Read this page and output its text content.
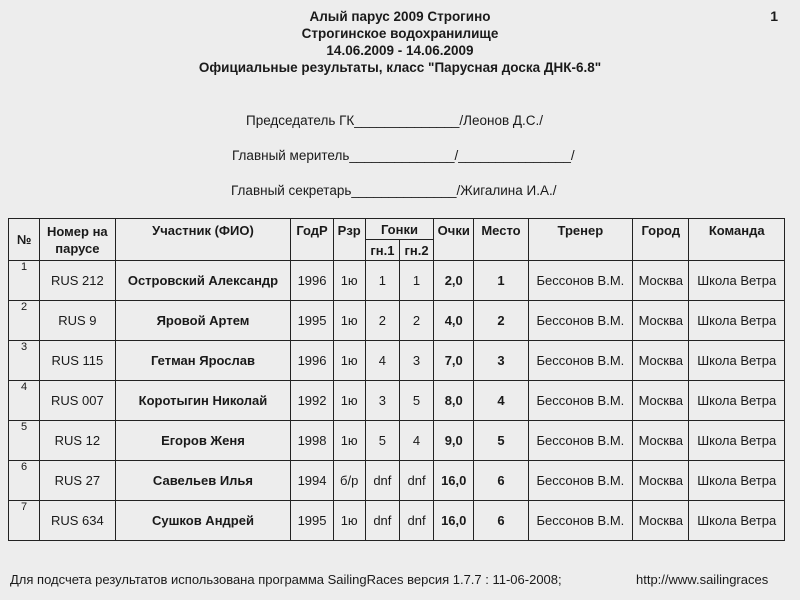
1
Алый парус 2009 Строгино
Строгинское водохранилище
14.06.2009 - 14.06.2009
Официальные результаты, класс "Парусная доска ДНК-6.8"
Председатель ГК______________/Леонов Д.С./
Главный мeритель______________/_______________/
Главный секретарь______________/Жигалина И.А./
№	Номер на парусе	Участник (ФИО)	ГодР	Рзр	Гонки		Очки	Место	Тренер	Город	Команда
					гн.1	гн.2					
1	RUS 212	Островский Александр	1996	1ю	1	1	2,0	1	Бессонов В.М.	Москва	Школа Ветра
2	RUS 9	Яровой Артем	1995	1ю	2	2	4,0	2	Бессонов В.М.	Москва	Школа Ветра
3	RUS 115	Гетман Ярослав	1996	1ю	4	3	7,0	3	Бессонов В.М.	Москва	Школа Ветра
4	RUS 007	Коротыгин Николай	1992	1ю	3	5	8,0	4	Бессонов В.М.	Москва	Школа Ветра
5	RUS 12	Егоров Женя	1998	1ю	5	4	9,0	5	Бессонов В.М.	Москва	Школа Ветра
6	RUS 27	Савельев Илья	1994	б/р	dnf	dnf	16,0	6	Бессонов В.М.	Москва	Школа Ветра
7	RUS 634	Сушков Андрей	1995	1ю	dnf	dnf	16,0	6	Бессонов В.М.	Москва	Школа Ветра
Для подсчета результатов использована программа SailingRaces версия 1.7.7 : 11-06-2008;	http://www.sailingraces
